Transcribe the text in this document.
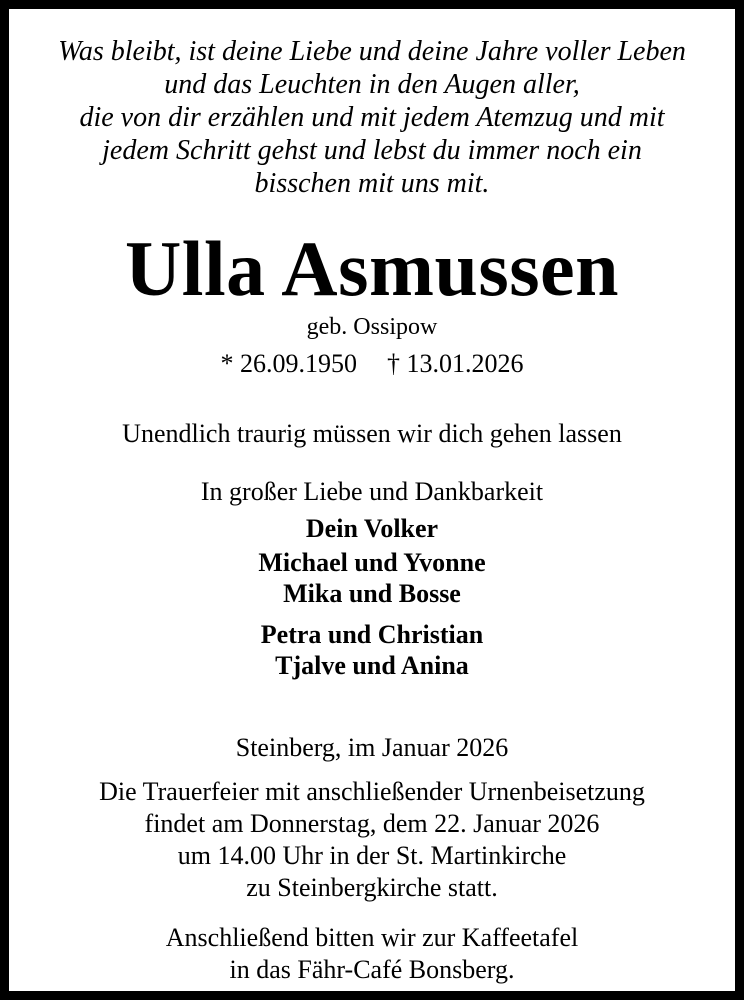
Was bleibt, ist deine Liebe und deine Jahre voller Leben
und das Leuchten in den Augen aller,
die von dir erzählen und mit jedem Atemzug und mit
jedem Schritt gehst und lebst du immer noch ein
bisschen mit uns mit.
Ulla Asmussen
geb. Ossipow
* 26.09.1950 † 13.01.2026
Unendlich traurig müssen wir dich gehen lassen
In großer Liebe und Dankbarkeit
Dein Volker
Michael und Yvonne
Mika und Bosse
Petra und Christian
Tjalve und Anina
Steinberg, im Januar 2026
Die Trauerfeier mit anschließender Urnenbeisetzung
findet am Donnerstag, dem 22. Januar 2026
um 14.00 Uhr in der St. Martinkirche
zu Steinbergkirche statt.
Anschließend bitten wir zur Kaffeetafel
in das Fähr-Café Bonsberg.
